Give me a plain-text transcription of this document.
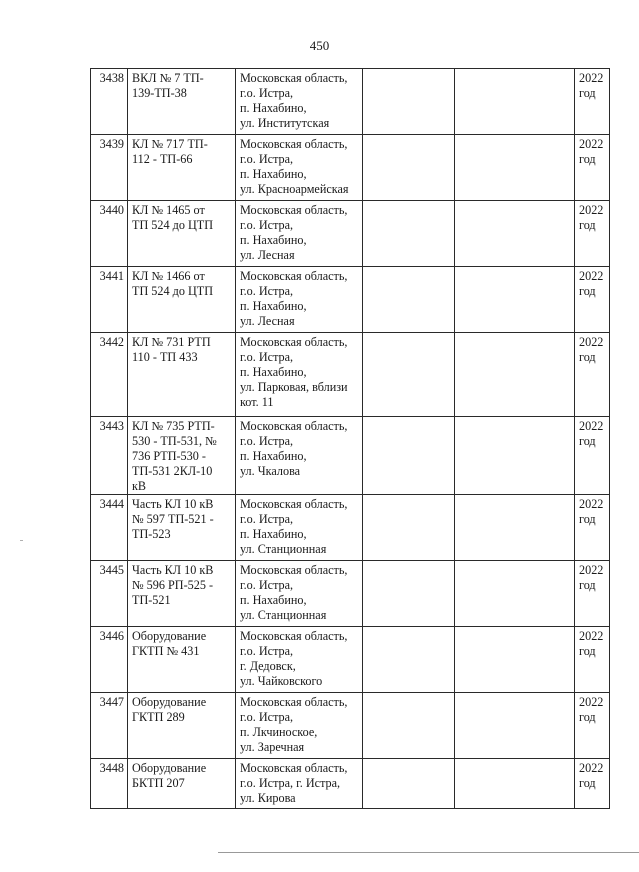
450
3438	ВКЛ № 7 ТП-
139-ТП-38	Московская область,
г.о. Истра,
п. Нахабино,
ул. Институтская			2022
год
3439	КЛ № 717 ТП-
112 - ТП-66	Московская область,
г.о. Истра,
п. Нахабино,
ул. Красноармейская			2022
год
3440	КЛ № 1465 от
ТП 524 до ЦТП	Московская область,
г.о. Истра,
п. Нахабино,
ул. Лесная			2022
год
3441	КЛ № 1466 от
ТП 524 до ЦТП	Московская область,
г.о. Истра,
п. Нахабино,
ул. Лесная			2022
год
3442	КЛ № 731 РТП
110 - ТП 433	Московская область,
г.о. Истра,
п. Нахабино,
ул. Парковая, вблизи
кот. 11			2022
год
3443	КЛ № 735 РТП-
530 - ТП-531, №
736 РТП-530 -
ТП-531 2КЛ-10
кВ	Московская область,
г.о. Истра,
п. Нахабино,
ул. Чкалова			2022
год
3444	Часть КЛ 10 кВ
№ 597 ТП-521 -
ТП-523	Московская область,
г.о. Истра,
п. Нахабино,
ул. Станционная			2022
год
3445	Часть КЛ 10 кВ
№ 596 РП-525 -
ТП-521	Московская область,
г.о. Истра,
п. Нахабино,
ул. Станционная			2022
год
3446	Оборудование
ГКТП № 431	Московская область,
г.о. Истра,
г. Дедовск,
ул. Чайковского			2022
год
3447	Оборудование
ГКТП 289	Московская область,
г.о. Истра,
п. Лкчиноское,
ул. Заречная			2022
год
3448	Оборудование
БКТП 207	Московская область,
г.о. Истра, г. Истра,
ул. Кирова			2022
год
